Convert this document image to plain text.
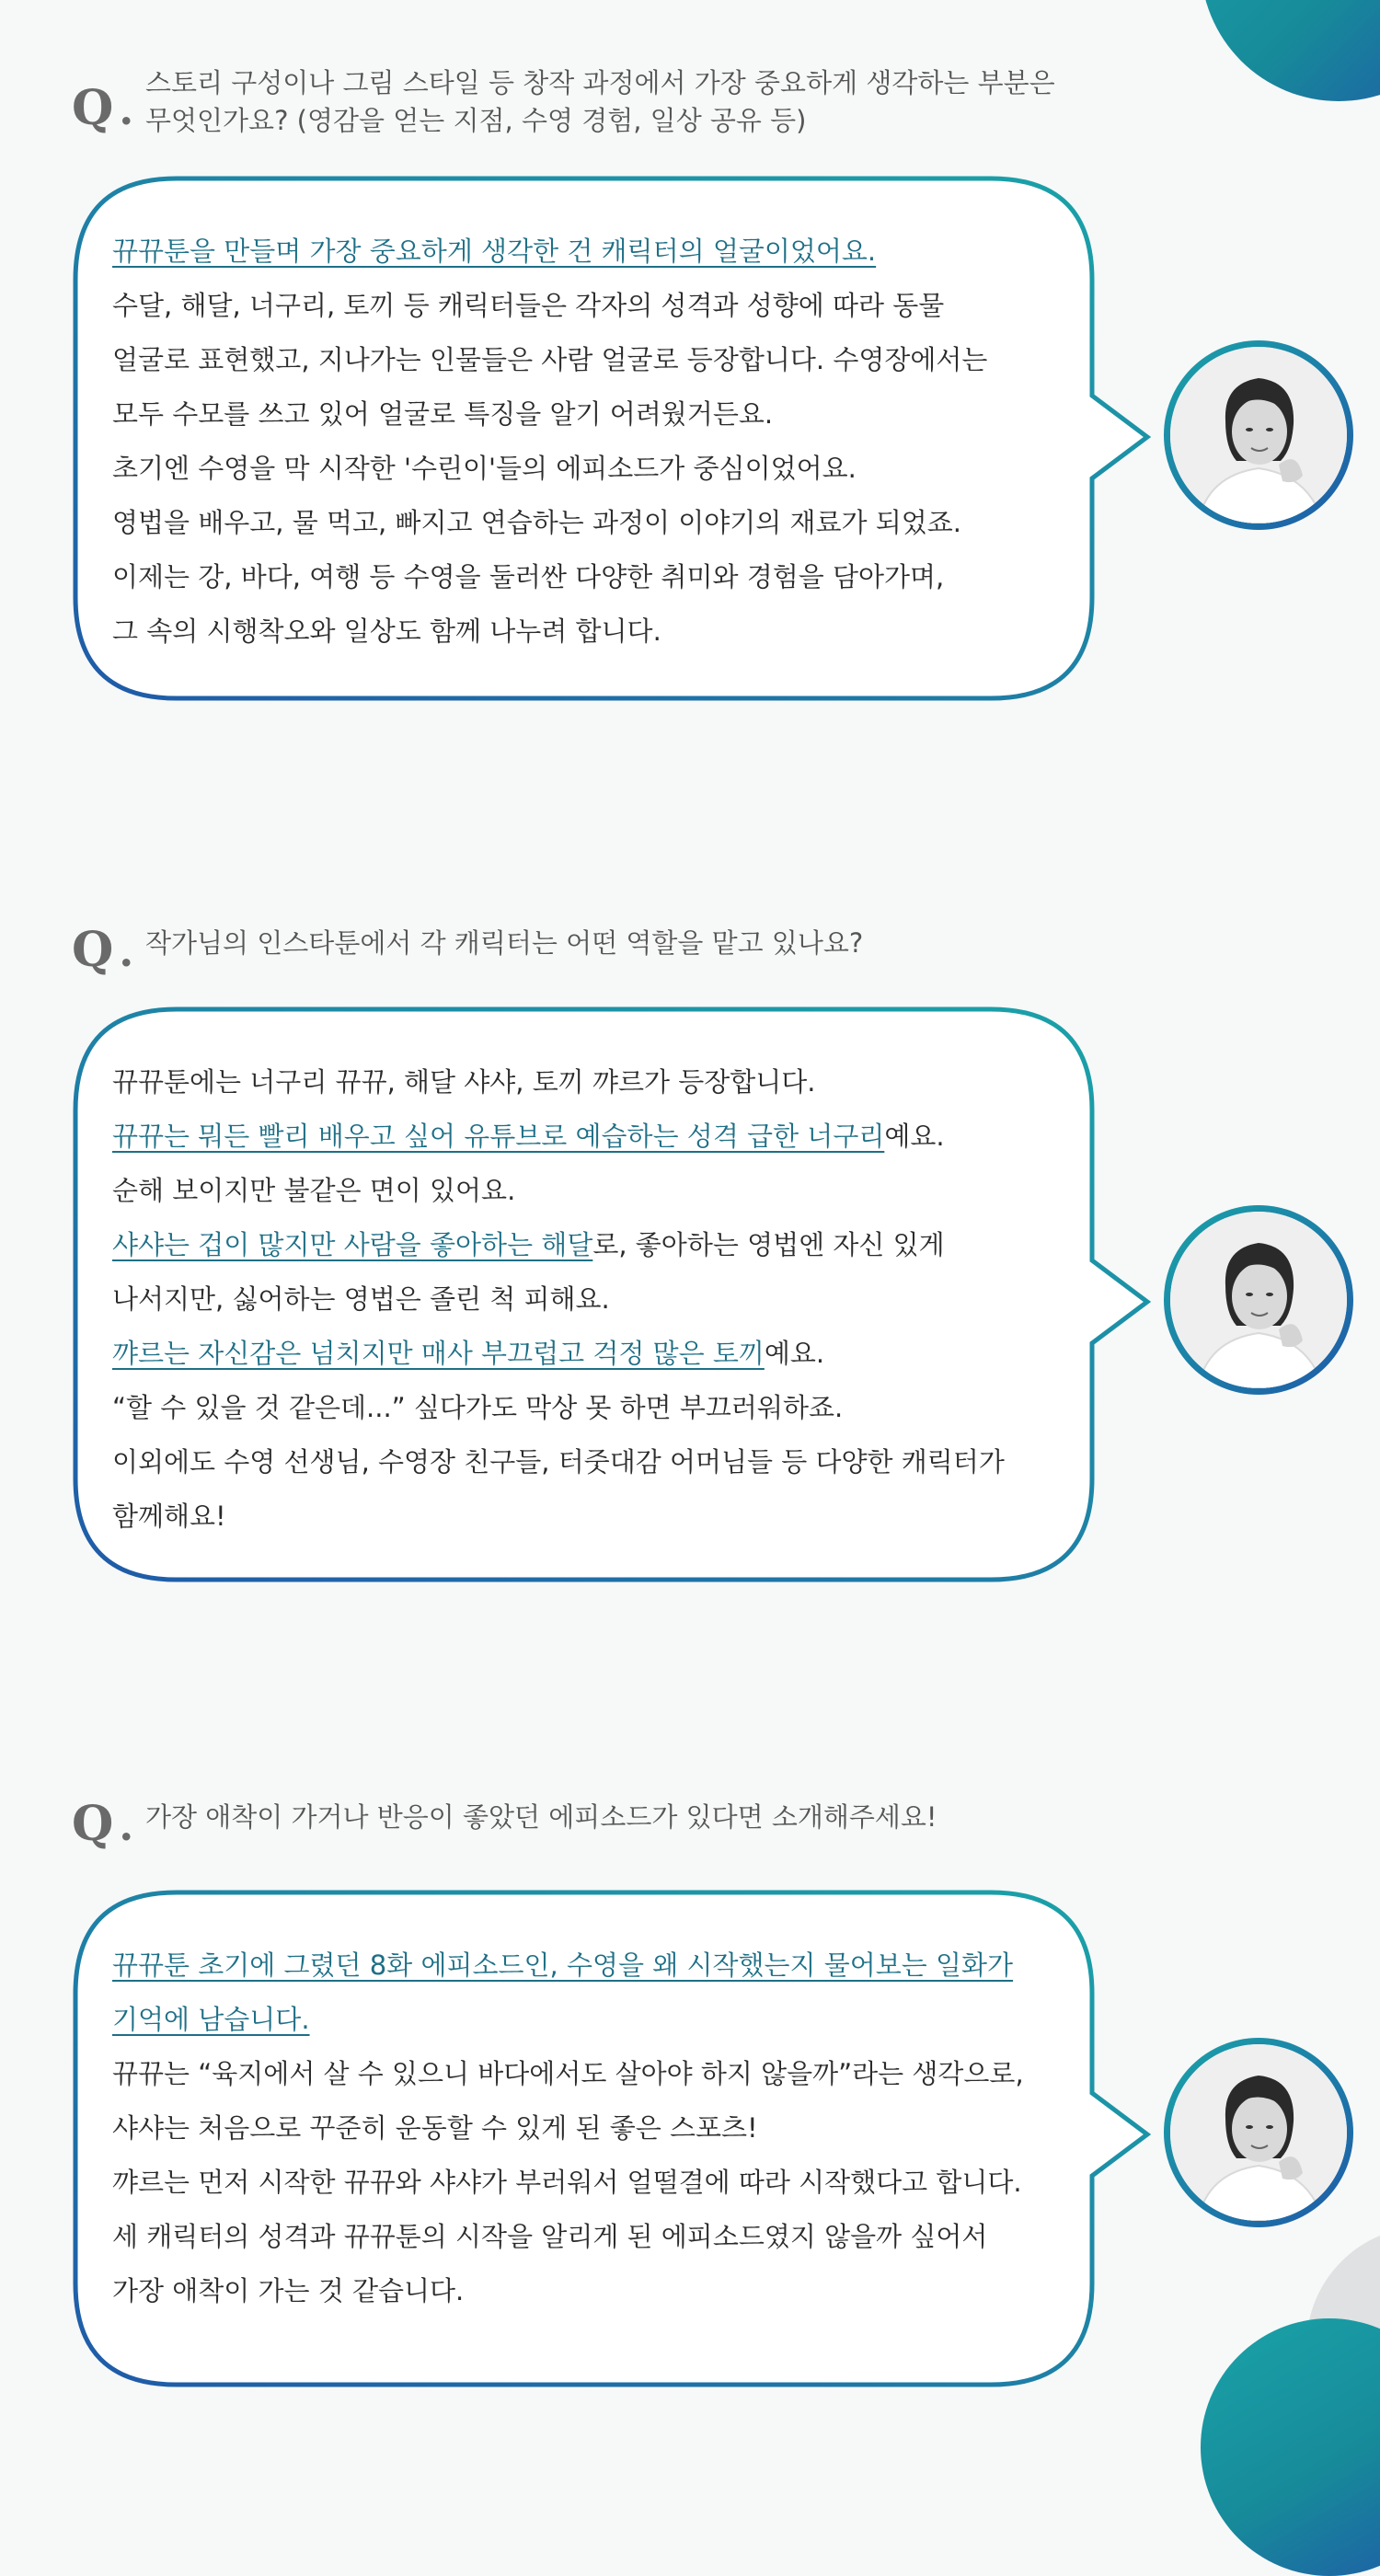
Q .
스토리 구성이나 그림 스타일 등 창작 과정에서 가장 중요하게 생각하는 부분은
무엇인가요? (영감을 얻는 지점, 수영 경험, 일상 공유 등)
뀨뀨툰을 만들며 가장 중요하게 생각한 건 캐릭터의 얼굴이었어요.
수달, 해달, 너구리, 토끼 등 캐릭터들은 각자의 성격과 성향에 따라 동물
얼굴로 표현했고, 지나가는 인물들은 사람 얼굴로 등장합니다. 수영장에서는
모두 수모를 쓰고 있어 얼굴로 특징을 알기 어려웠거든요.
초기엔 수영을 막 시작한 '수린이'들의 에피소드가 중심이었어요.
영법을 배우고, 물 먹고, 빠지고 연습하는 과정이 이야기의 재료가 되었죠.
이제는 강, 바다, 여행 등 수영을 둘러싼 다양한 취미와 경험을 담아가며,
그 속의 시행착오와 일상도 함께 나누려 합니다.
Q . 작가님의 인스타툰에서 각 캐릭터는 어떤 역할을 맡고 있나요?
뀨뀨툰에는 너구리 뀨뀨, 해달 샤샤, 토끼 꺄르가 등장합니다.
뀨뀨는 뭐든 빨리 배우고 싶어 유튜브로 예습하는 성격 급한 너구리예요.
순해 보이지만 불같은 면이 있어요.
샤샤는 겁이 많지만 사람을 좋아하는 해달로, 좋아하는 영법엔 자신 있게
나서지만, 싫어하는 영법은 졸린 척 피해요.
꺄르는 자신감은 넘치지만 매사 부끄럽고 걱정 많은 토끼예요.
“할 수 있을 것 같은데...” 싶다가도 막상 못 하면 부끄러워하죠.
이외에도 수영 선생님, 수영장 친구들, 터줏대감 어머님들 등 다양한 캐릭터가
함께해요!
Q . 가장 애착이 가거나 반응이 좋았던 에피소드가 있다면 소개해주세요!
뀨뀨툰 초기에 그렸던 8화 에피소드인, 수영을 왜 시작했는지 물어보는 일화가
기억에 남습니다.
뀨뀨는 “육지에서 살 수 있으니 바다에서도 살아야 하지 않을까”라는 생각으로,
샤샤는 처음으로 꾸준히 운동할 수 있게 된 좋은 스포츠!
꺄르는 먼저 시작한 뀨뀨와 샤샤가 부러워서 얼떨결에 따라 시작했다고 합니다.
세 캐릭터의 성격과 뀨뀨툰의 시작을 알리게 된 에피소드였지 않을까 싶어서
가장 애착이 가는 것 같습니다.
